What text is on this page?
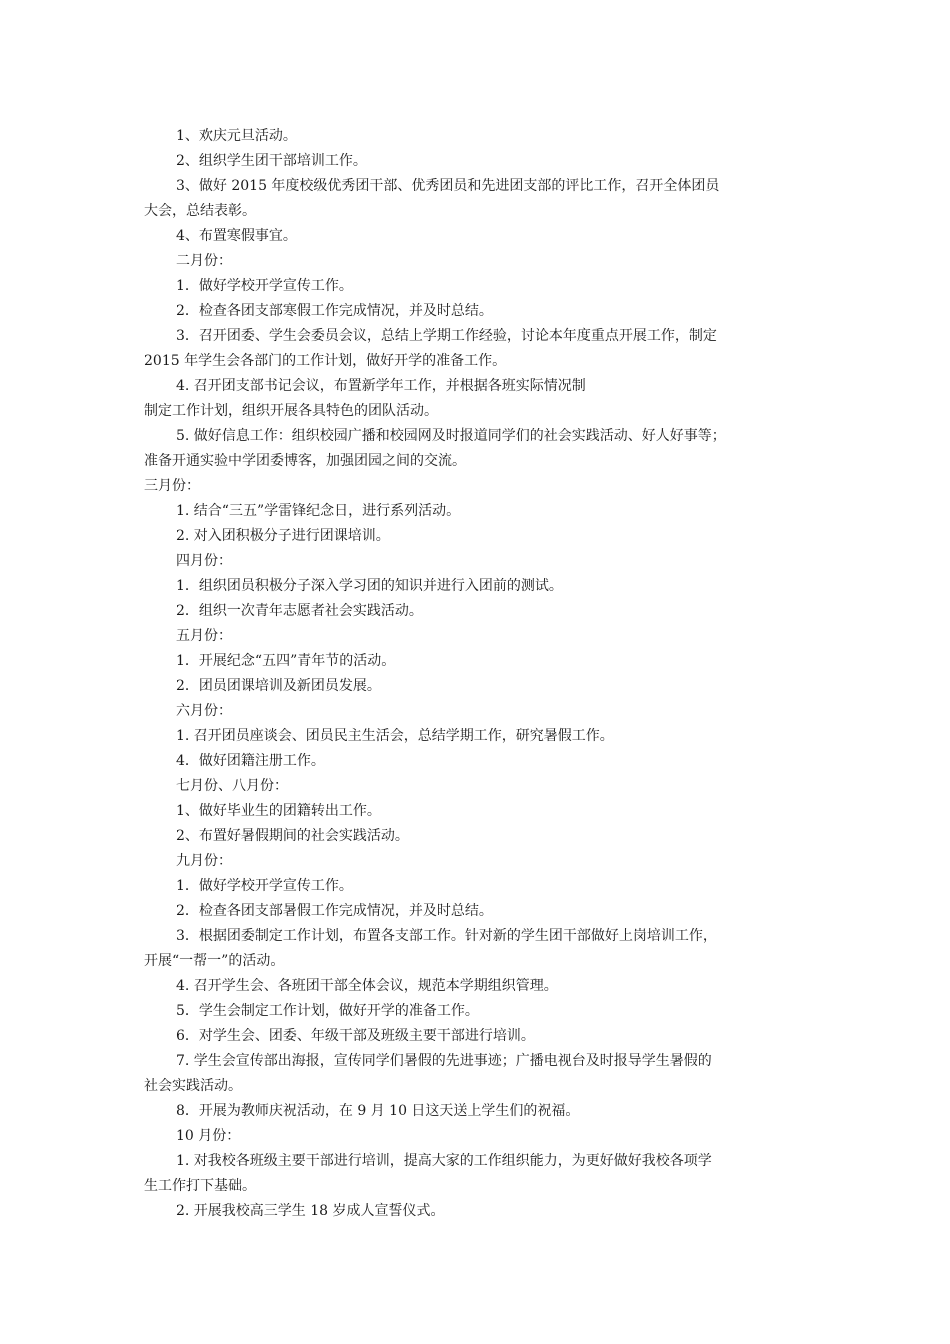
1、欢庆元旦活动。
2、组织学生团干部培训工作。
3、做好 2015 年度校级优秀团干部、优秀团员和先进团支部的评比工作，召开全体团员
大会，总结表彰。
4、布置寒假事宜。
二月份：
1．做好学校开学宣传工作。
2．检查各团支部寒假工作完成情况，并及时总结。
3．召开团委、学生会委员会议，总结上学期工作经验，讨论本年度重点开展工作，制定
2015 年学生会各部门的工作计划，做好开学的准备工作。
4. 召开团支部书记会议，布置新学年工作，并根据各班实际情况制
制定工作计划，组织开展各具特色的团队活动。
5. 做好信息工作：组织校园广播和校园网及时报道同学们的社会实践活动、好人好事等；
准备开通实验中学团委博客，加强团园之间的交流。
三月份：
1. 结合“三五”学雷锋纪念日，进行系列活动。
2. 对入团积极分子进行团课培训。
四月份：
1．组织团员积极分子深入学习团的知识并进行入团前的测试。
2．组织一次青年志愿者社会实践活动。
五月份：
1．开展纪念“五四”青年节的活动。
2．团员团课培训及新团员发展。
六月份：
1. 召开团员座谈会、团员民主生活会，总结学期工作，研究暑假工作。
4．做好团籍注册工作。
七月份、八月份：
1、做好毕业生的团籍转出工作。
2、布置好暑假期间的社会实践活动。
九月份：
1．做好学校开学宣传工作。
2．检查各团支部暑假工作完成情况，并及时总结。
3．根据团委制定工作计划，布置各支部工作。针对新的学生团干部做好上岗培训工作，
开展“一帮一”的活动。
4. 召开学生会、各班团干部全体会议，规范本学期组织管理。
5．学生会制定工作计划，做好开学的准备工作。
6．对学生会、团委、年级干部及班级主要干部进行培训。
7. 学生会宣传部出海报，宣传同学们暑假的先进事迹；广播电视台及时报导学生暑假的
社会实践活动。
8．开展为教师庆祝活动，在 9 月 10 日这天送上学生们的祝福。
10 月份：
1. 对我校各班级主要干部进行培训，提高大家的工作组织能力，为更好做好我校各项学
生工作打下基础。
2. 开展我校高三学生 18 岁成人宣誓仪式。
